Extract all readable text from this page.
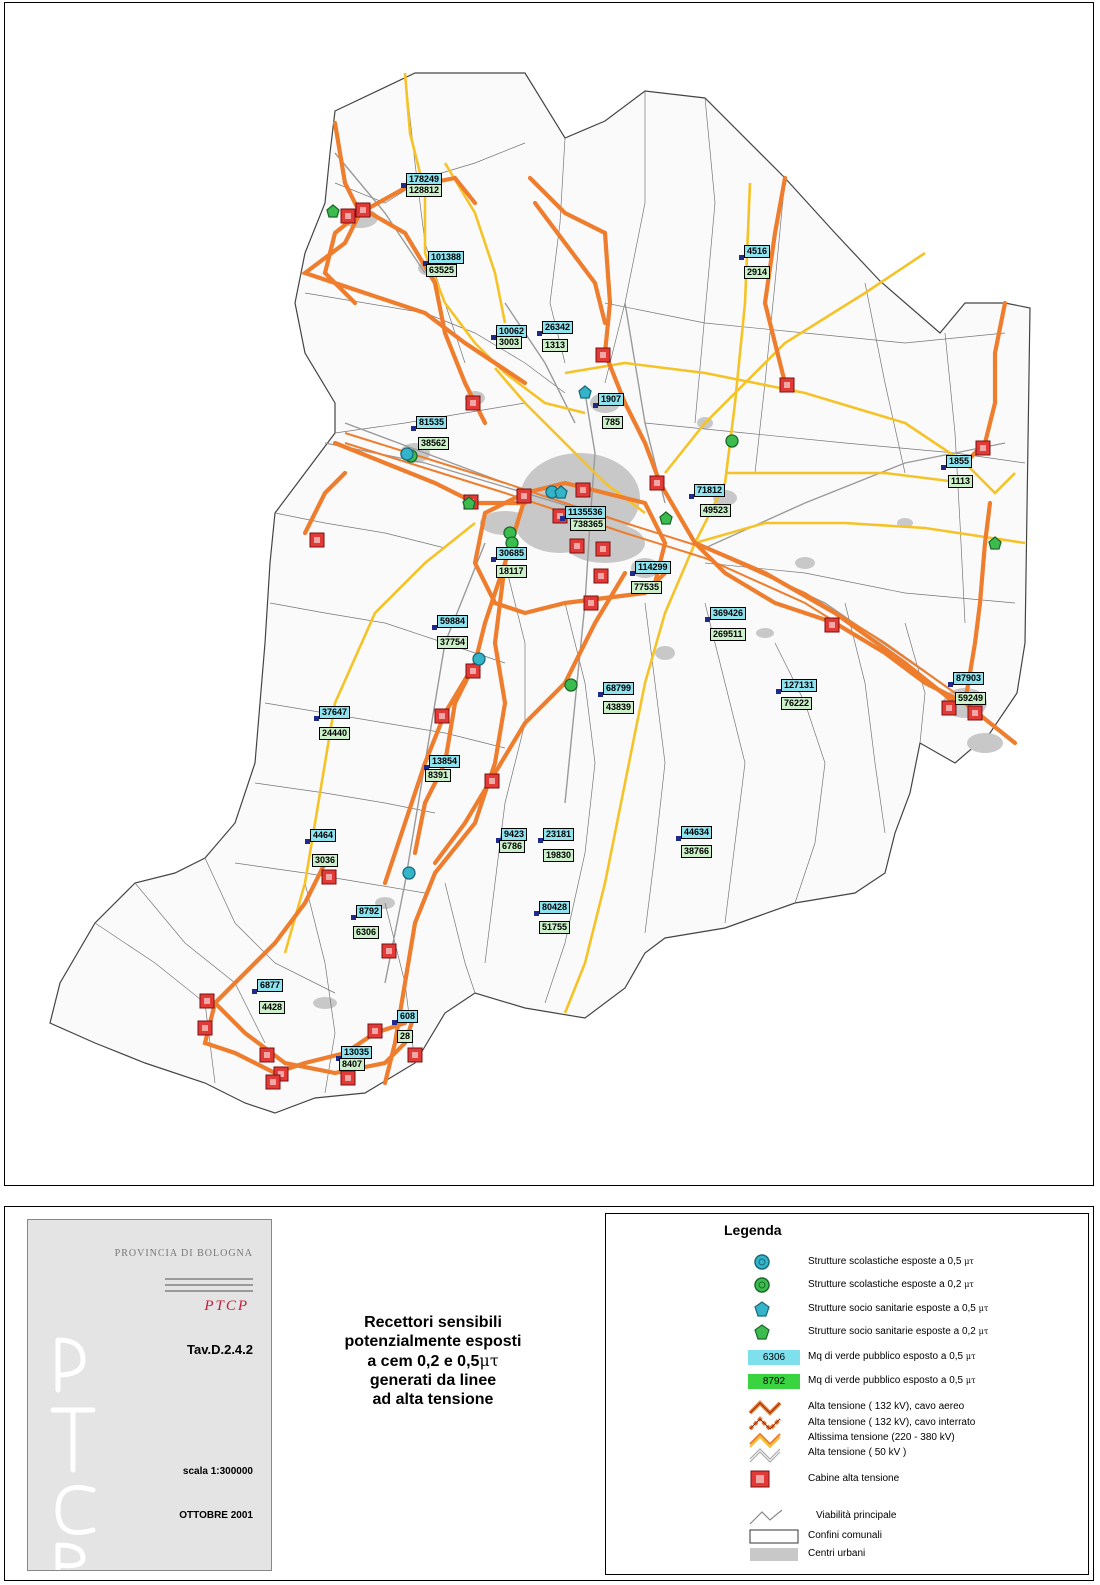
178249
128812
101388
63525
4516
2914
10062
3003
26342
1313
1907
785
81535
38562
1855
1113
71812
49523
1135536
738365
30685
18117	114299
77535
59884
37754
369426
269511
68799
43839
127131
76222
87903
59249
37647
24440
13854
8391
4464
3036
9423
6786
23181
19830
44634
38766
8792
6306
80428
51755
6877
4428
608
28
13035
8407
PROVINCIA DI BOLOGNA
PTCP
Tav.D.2.4.2
scala 1:300000
OTTOBRE 2001
Recettori sensibili
potenzialmente esposti
a cem 0,2 e 0,5μτ
generati da linee
ad alta tensione
Legenda
Strutture scolastiche esposte a 0,5 μτ
Strutture scolastiche esposte a 0,2 μτ
Strutture socio sanitarie esposte a 0,5 μτ
Strutture socio sanitarie esposte a 0,2 μτ
6306	Mq di verde pubblico esposto a 0,5 μτ
8792	Mq di verde pubblico esposto a 0,5 μτ
Alta tensione ( 132 kV), cavo aereo
Alta tensione ( 132 kV), cavo interrato
Altissima tensione (220 - 380 kV)
Alta tensione ( 50 kV )
Cabine alta tensione
Viabilità principale
Confini comunali
Centri urbani
